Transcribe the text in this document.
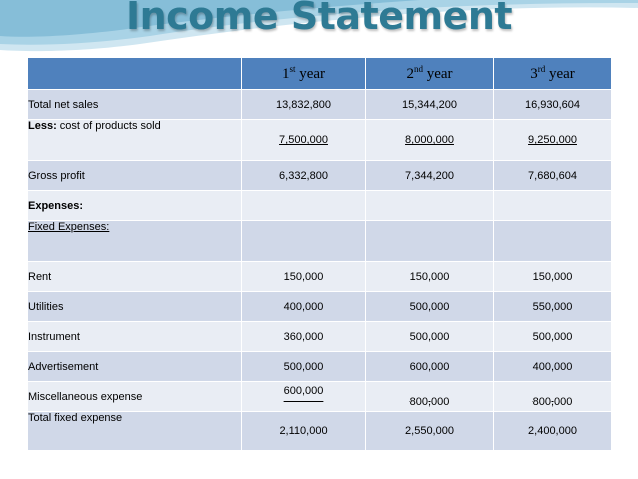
Income Statement
	1st year	2nd year	3rd year
Total net sales	13,832,800	15,344,200	16,930,604
Less: cost of products sold	7,500,000	8,000,000	9,250,000
Gross profit	6,332,800	7,344,200	7,680,604
Expenses:			
Fixed Expenses:			
Rent	150,000	150,000	150,000
Utilities	400,000	500,000	550,000
Instrument	360,000	500,000	500,000
Advertisement	500,000	600,000	400,000
Miscellaneous expense	600,000	800,000	800,000
Total fixed expense	2,110,000	2,550,000	2,400,000
